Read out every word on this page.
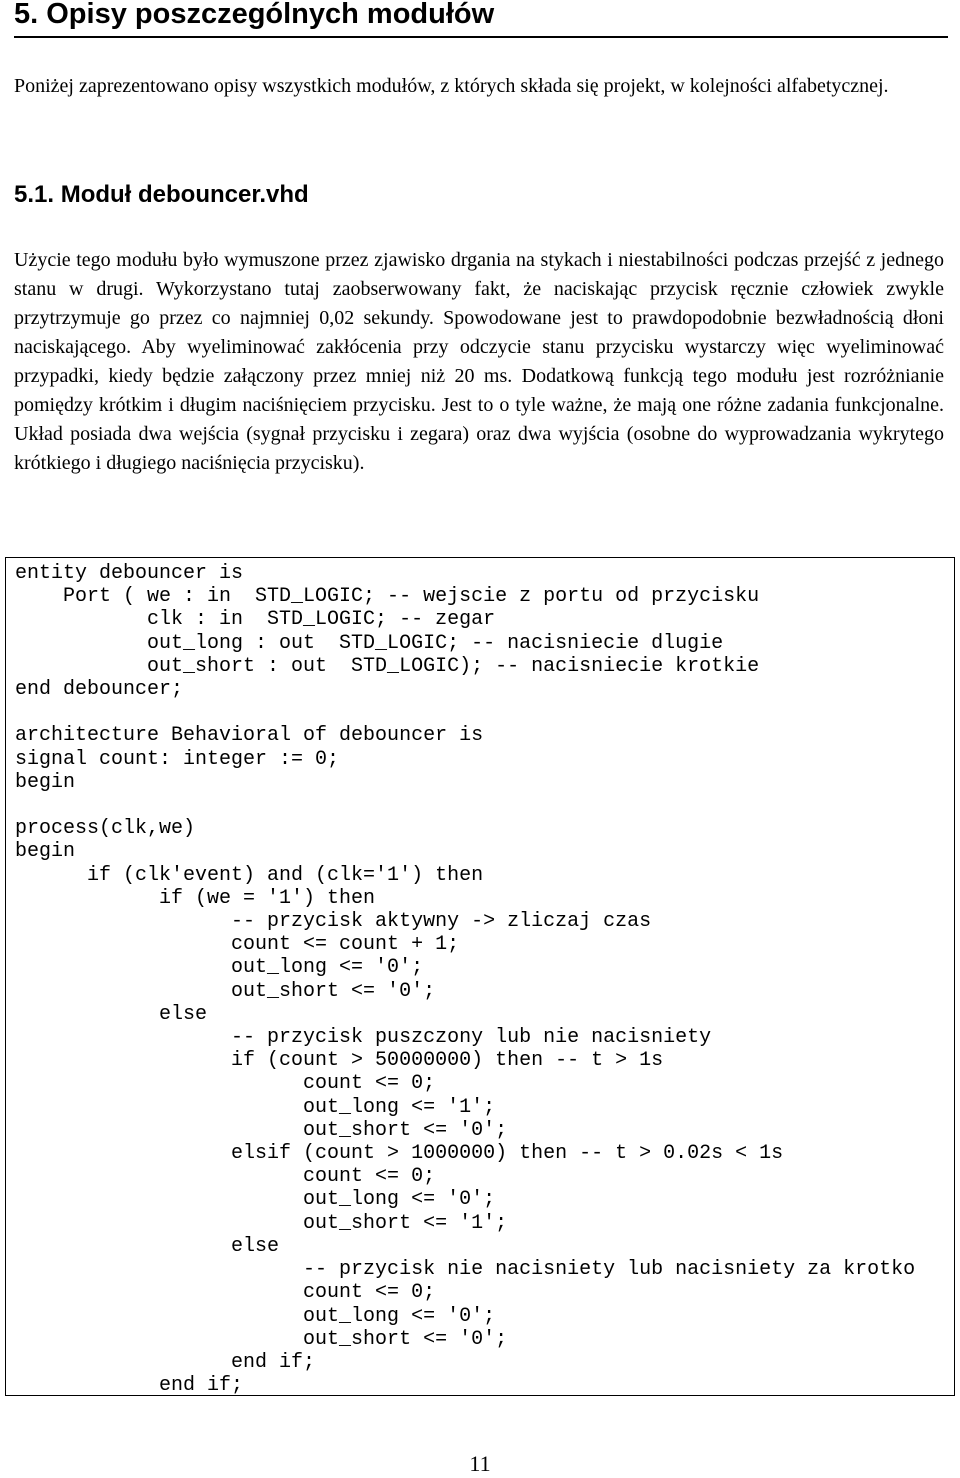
5. Opisy poszczególnych modułów

Poniżej zaprezentowano opisy wszystkich modułów, z których składa się projekt, w kolejności alfabetycznej.

5.1. Moduł debouncer.vhd

Użycie tego modułu było wymuszone przez zjawisko drgania na stykach i niestabilności podczas przejść z jednego stanu w drugi. Wykorzystano tutaj zaobserwowany fakt, że naciskając przycisk ręcznie człowiek zwykle przytrzymuje go przez co najmniej 0,02 sekundy. Spowodowane jest to prawdopodobnie bezwładnością dłoni naciskającego. Aby wyeliminować zakłócenia przy odczycie stanu przycisku wystarczy więc wyeliminować przypadki, kiedy będzie załączony przez mniej niż 20 ms. Dodatkową funkcją tego modułu jest rozróżnianie pomiędzy krótkim i długim naciśnięciem przycisku. Jest to o tyle ważne, że mają one różne zadania funkcjonalne. Układ posiada dwa wejścia (sygnał przycisku i zegara) oraz dwa wyjścia (osobne do wyprowadzania wykrytego krótkiego i długiego naciśnięcia przycisku).

entity debouncer is
Port ( we : in  STD_LOGIC; -- wejscie z portu od przycisku
clk : in  STD_LOGIC; -- zegar
out_long : out  STD_LOGIC; -- nacisniecie dlugie
out_short : out  STD_LOGIC); -- nacisniecie krotkie
end debouncer;

architecture Behavioral of debouncer is
signal count: integer := 0;
begin

process(clk,we)
begin
if (clk'event) and (clk='1') then
if (we = '1') then
-- przycisk aktywny -> zliczaj czas
count <= count + 1;
out_long <= '0';
out_short <= '0';
else
-- przycisk puszczony lub nie nacisniety
if (count > 50000000) then -- t > 1s
count <= 0;
out_long <= '1';
out_short <= '0';
elsif (count > 1000000) then -- t > 0.02s < 1s
count <= 0;
out_long <= '0';
out_short <= '1';
else
-- przycisk nie nacisniety lub nacisniety za krotko
count <= 0;
out_long <= '0';
out_short <= '0';
end if;
end if;
11
